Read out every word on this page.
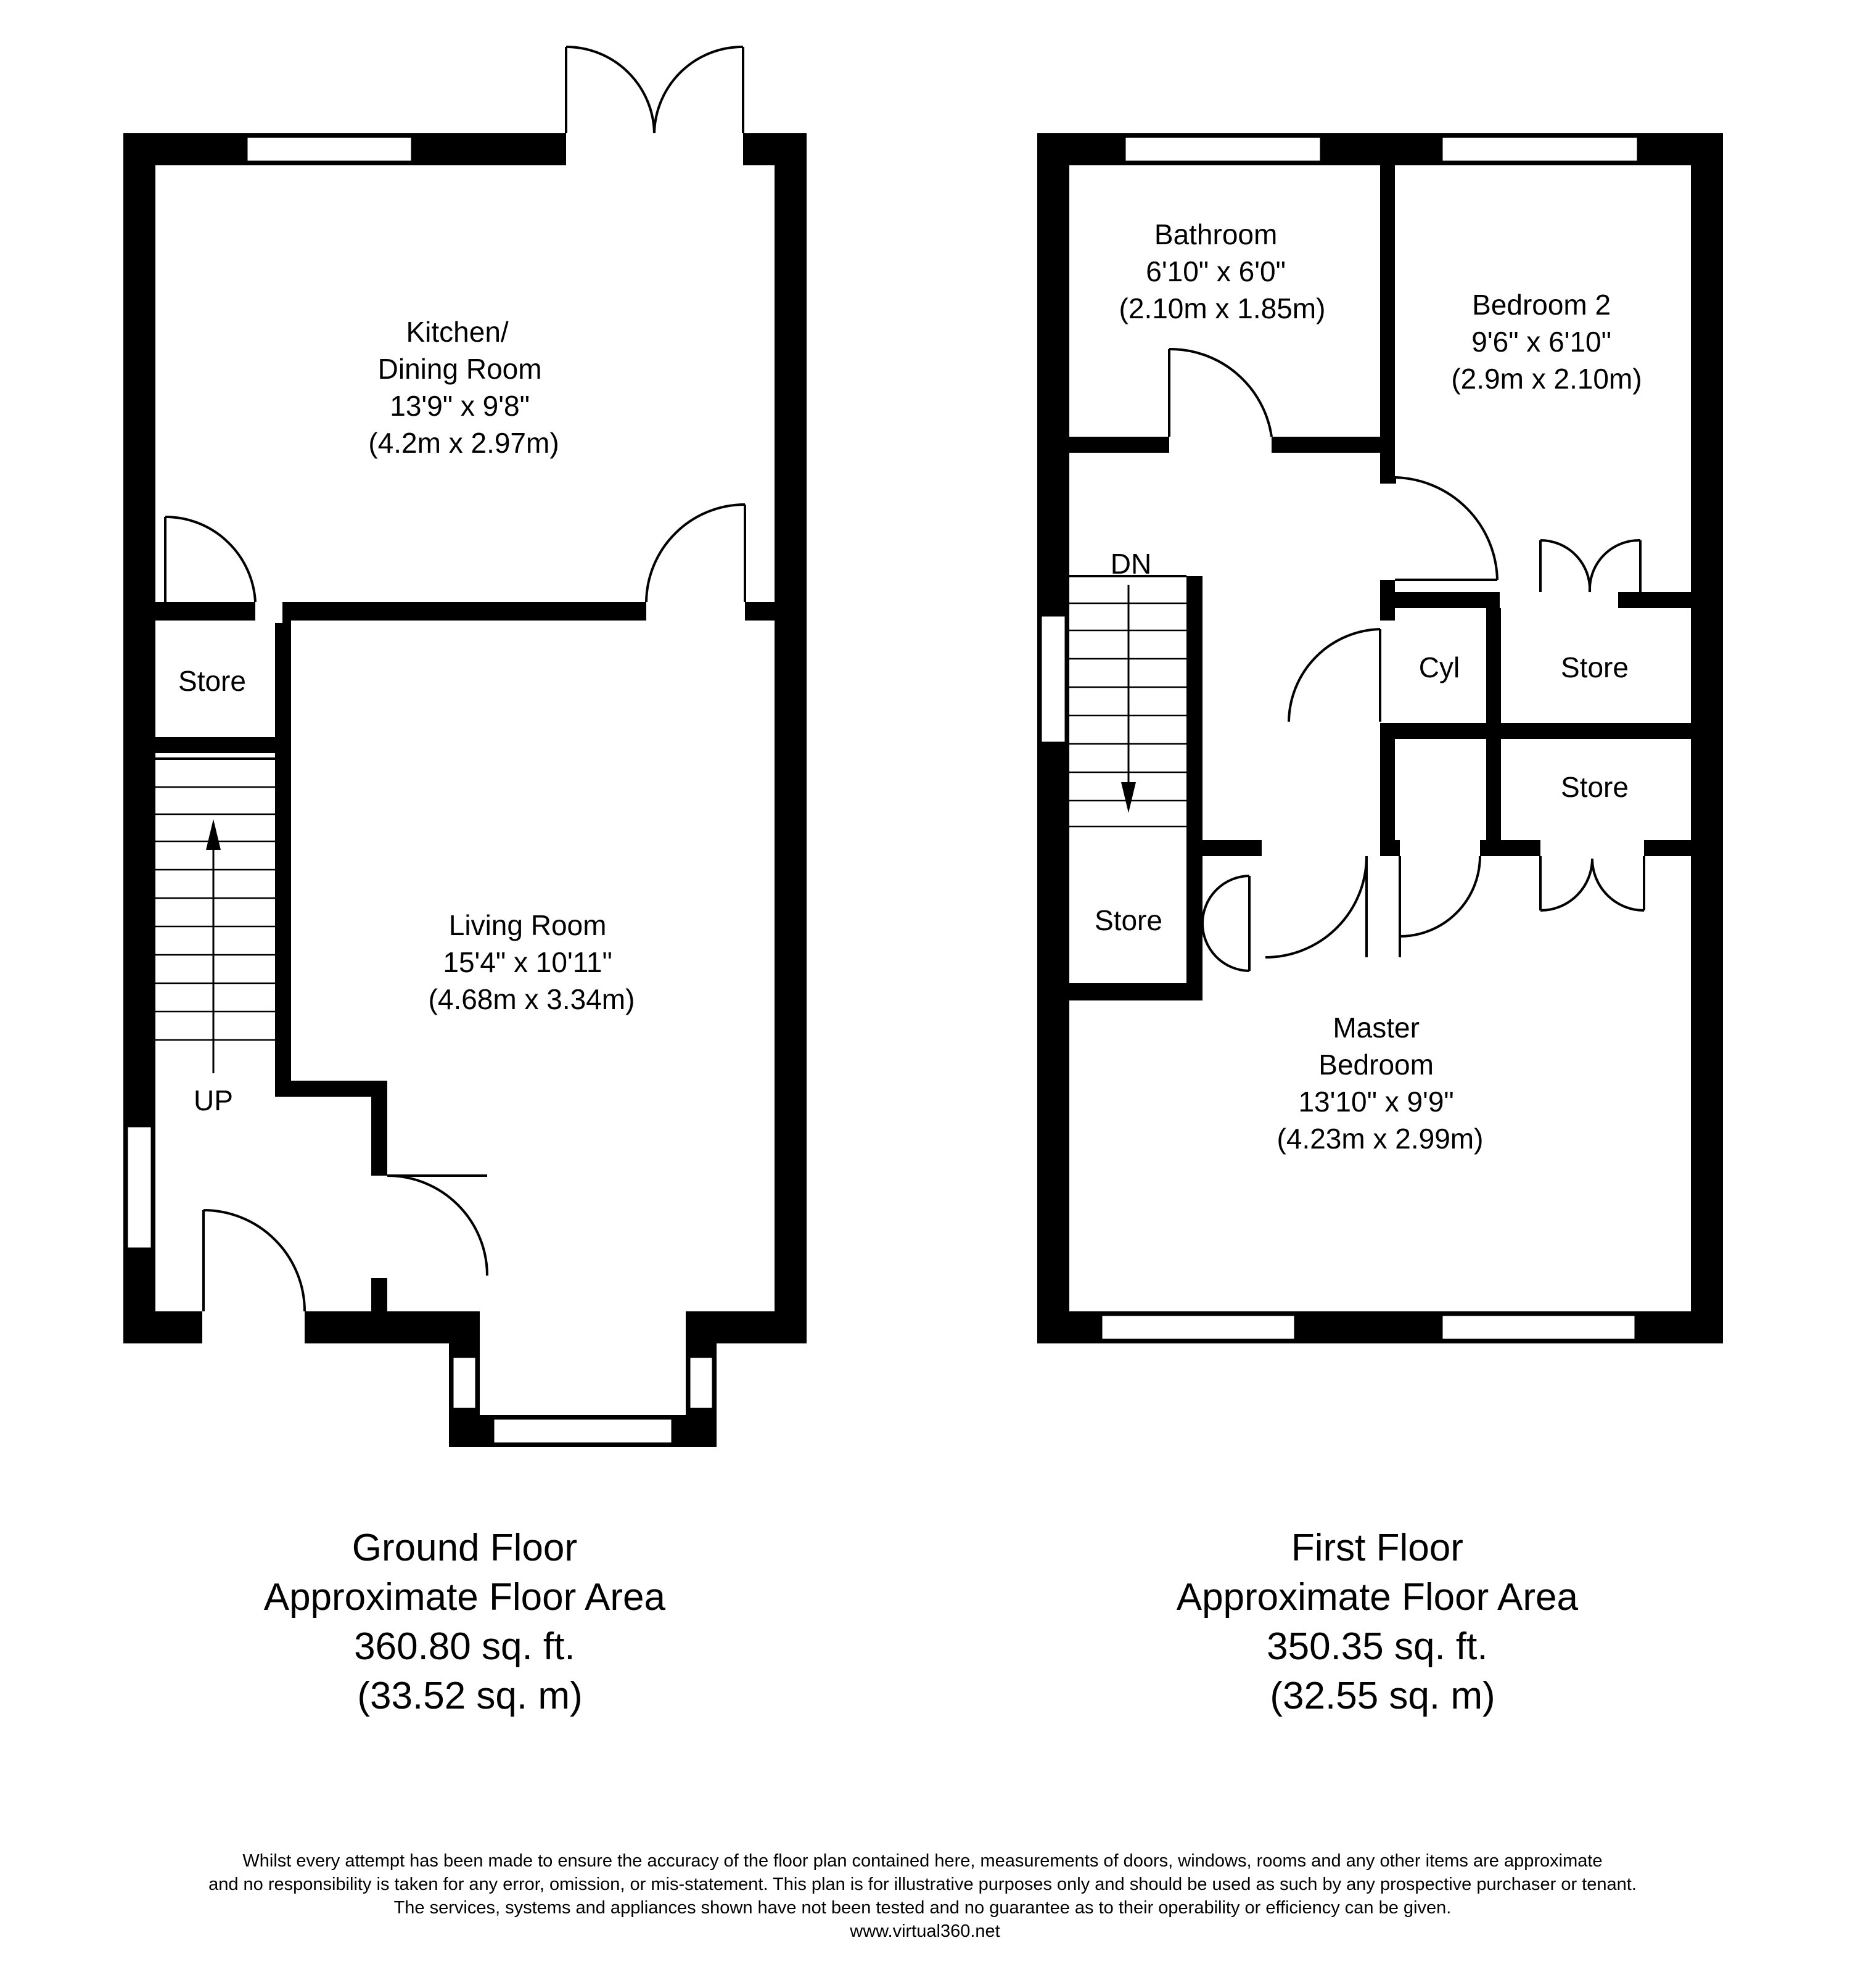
Kitchen/ Dining Room 13'9" x 9'8" (4.2m x 2.97m)
Living Room 15'4" x 10'11" (4.68m x 3.34m)
Store
UP
Bathroom 6'10" x 6'0" (2.10m x 1.85m)	Bedroom 2 9'6" x 6'10" (2.9m x 2.10m)
Master Bedroom 13'10" x 9'9" (4.23m x 2.99m)
Cyl	Store
Store
Store
DN
Ground Floor Approximate Floor Area 360.80 sq. ft. (33.52 sq. m)
First Floor Approximate Floor Area 350.35 sq. ft. (32.55 sq. m)
Whilst every attempt has been made to ensure the accuracy of the floor plan contained here, measurements of doors, windows, rooms and any other items are approximate and no responsibility is taken for any error, omission, or mis-statement. This plan is for illustrative purposes only and should be used as such by any prospective purchaser or tenant. The services, systems and appliances shown have not been tested and no guarantee as to their operability or efficiency can be given. www.virtual360.net
